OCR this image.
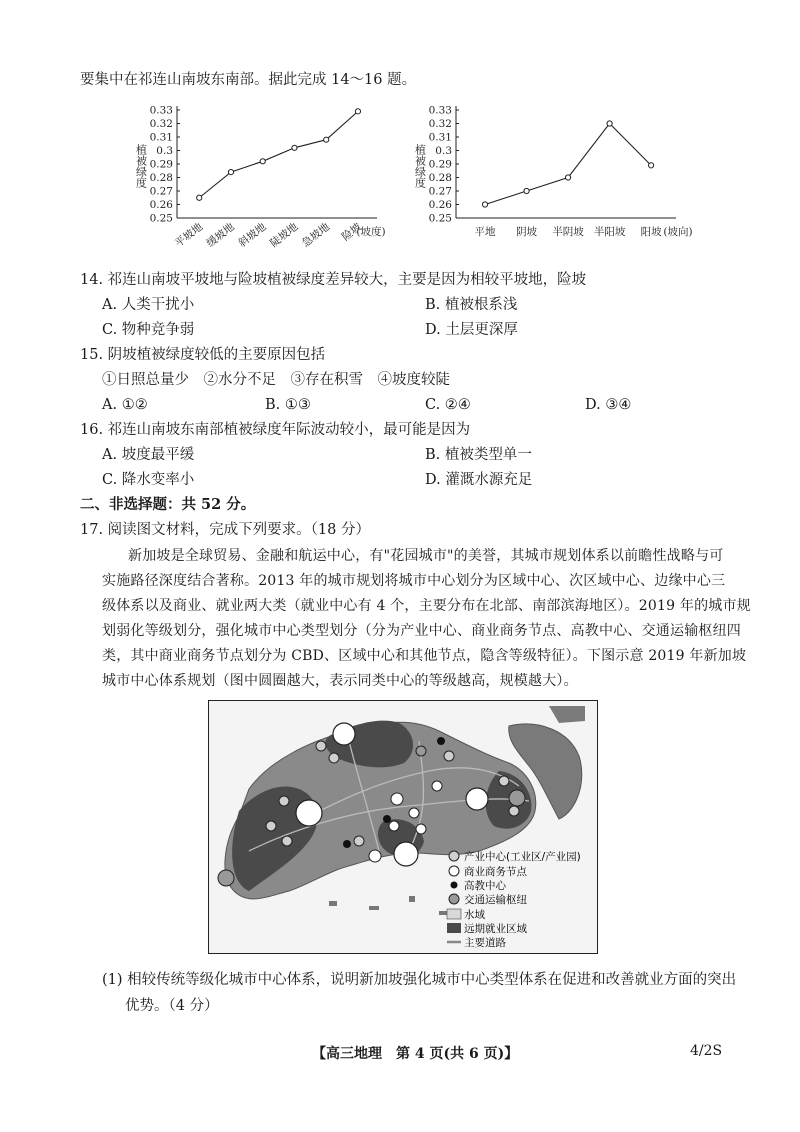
要集中在祁连山南坡东南部。据此完成 14～16 题。
0.33
0.32
0.31
0.3
0.29
0.28
0.27
0.26
0.25
植被绿度
平坡地 缓坡地 斜坡地 陡坡地 急坡地 险坡
(坡度)
0.33
0.32
0.31
0.3
0.29
0.28
0.27
0.26
0.25
植被绿度
平地 阴坡 半阴坡 半阳坡 阳坡 (坡向)
14. 祁连山南坡平坡地与险坡植被绿度差异较大，主要是因为相较平坡地，险坡
A. 人类干扰小	B. 植被根系浅
C. 物种竞争弱	D. 土层更深厚
15. 阴坡植被绿度较低的主要原因包括
①日照总量少　②水分不足　③存在积雪　④坡度较陡
A. ①②	B. ①③	C. ②④	D. ③④
16. 祁连山南坡东南部植被绿度年际波动较小，最可能是因为
A. 坡度最平缓	B. 植被类型单一
C. 降水变率小	D. 灌溉水源充足
二、非选择题：共 52 分。
17. 阅读图文材料，完成下列要求。（18 分）
新加坡是全球贸易、金融和航运中心，有"花园城市"的美誉，其城市规划体系以前瞻性战略与可
实施路径深度结合著称。2013 年的城市规划将城市中心划分为区域中心、次区域中心、边缘中心三
级体系以及商业、就业两大类（就业中心有 4 个，主要分布在北部、南部滨海地区）。2019 年的城市规
划弱化等级划分，强化城市中心类型划分（分为产业中心、商业商务节点、高教中心、交通运输枢纽四
类，其中商业商务节点划分为 CBD、区域中心和其他节点，隐含等级特征）。下图示意 2019 年新加坡
城市中心体系规划（图中圆圈越大，表示同类中心的等级越高，规模越大）。
产业中心(工业区/产业园)
商业商务节点
高教中心
交通运输枢纽
水域
远期就业区域
主要道路
(1) 相较传统等级化城市中心体系，说明新加坡强化城市中心类型体系在促进和改善就业方面的突出
优势。（4 分）
【高三地理　第 4 页(共 6 页)】	4/2S
